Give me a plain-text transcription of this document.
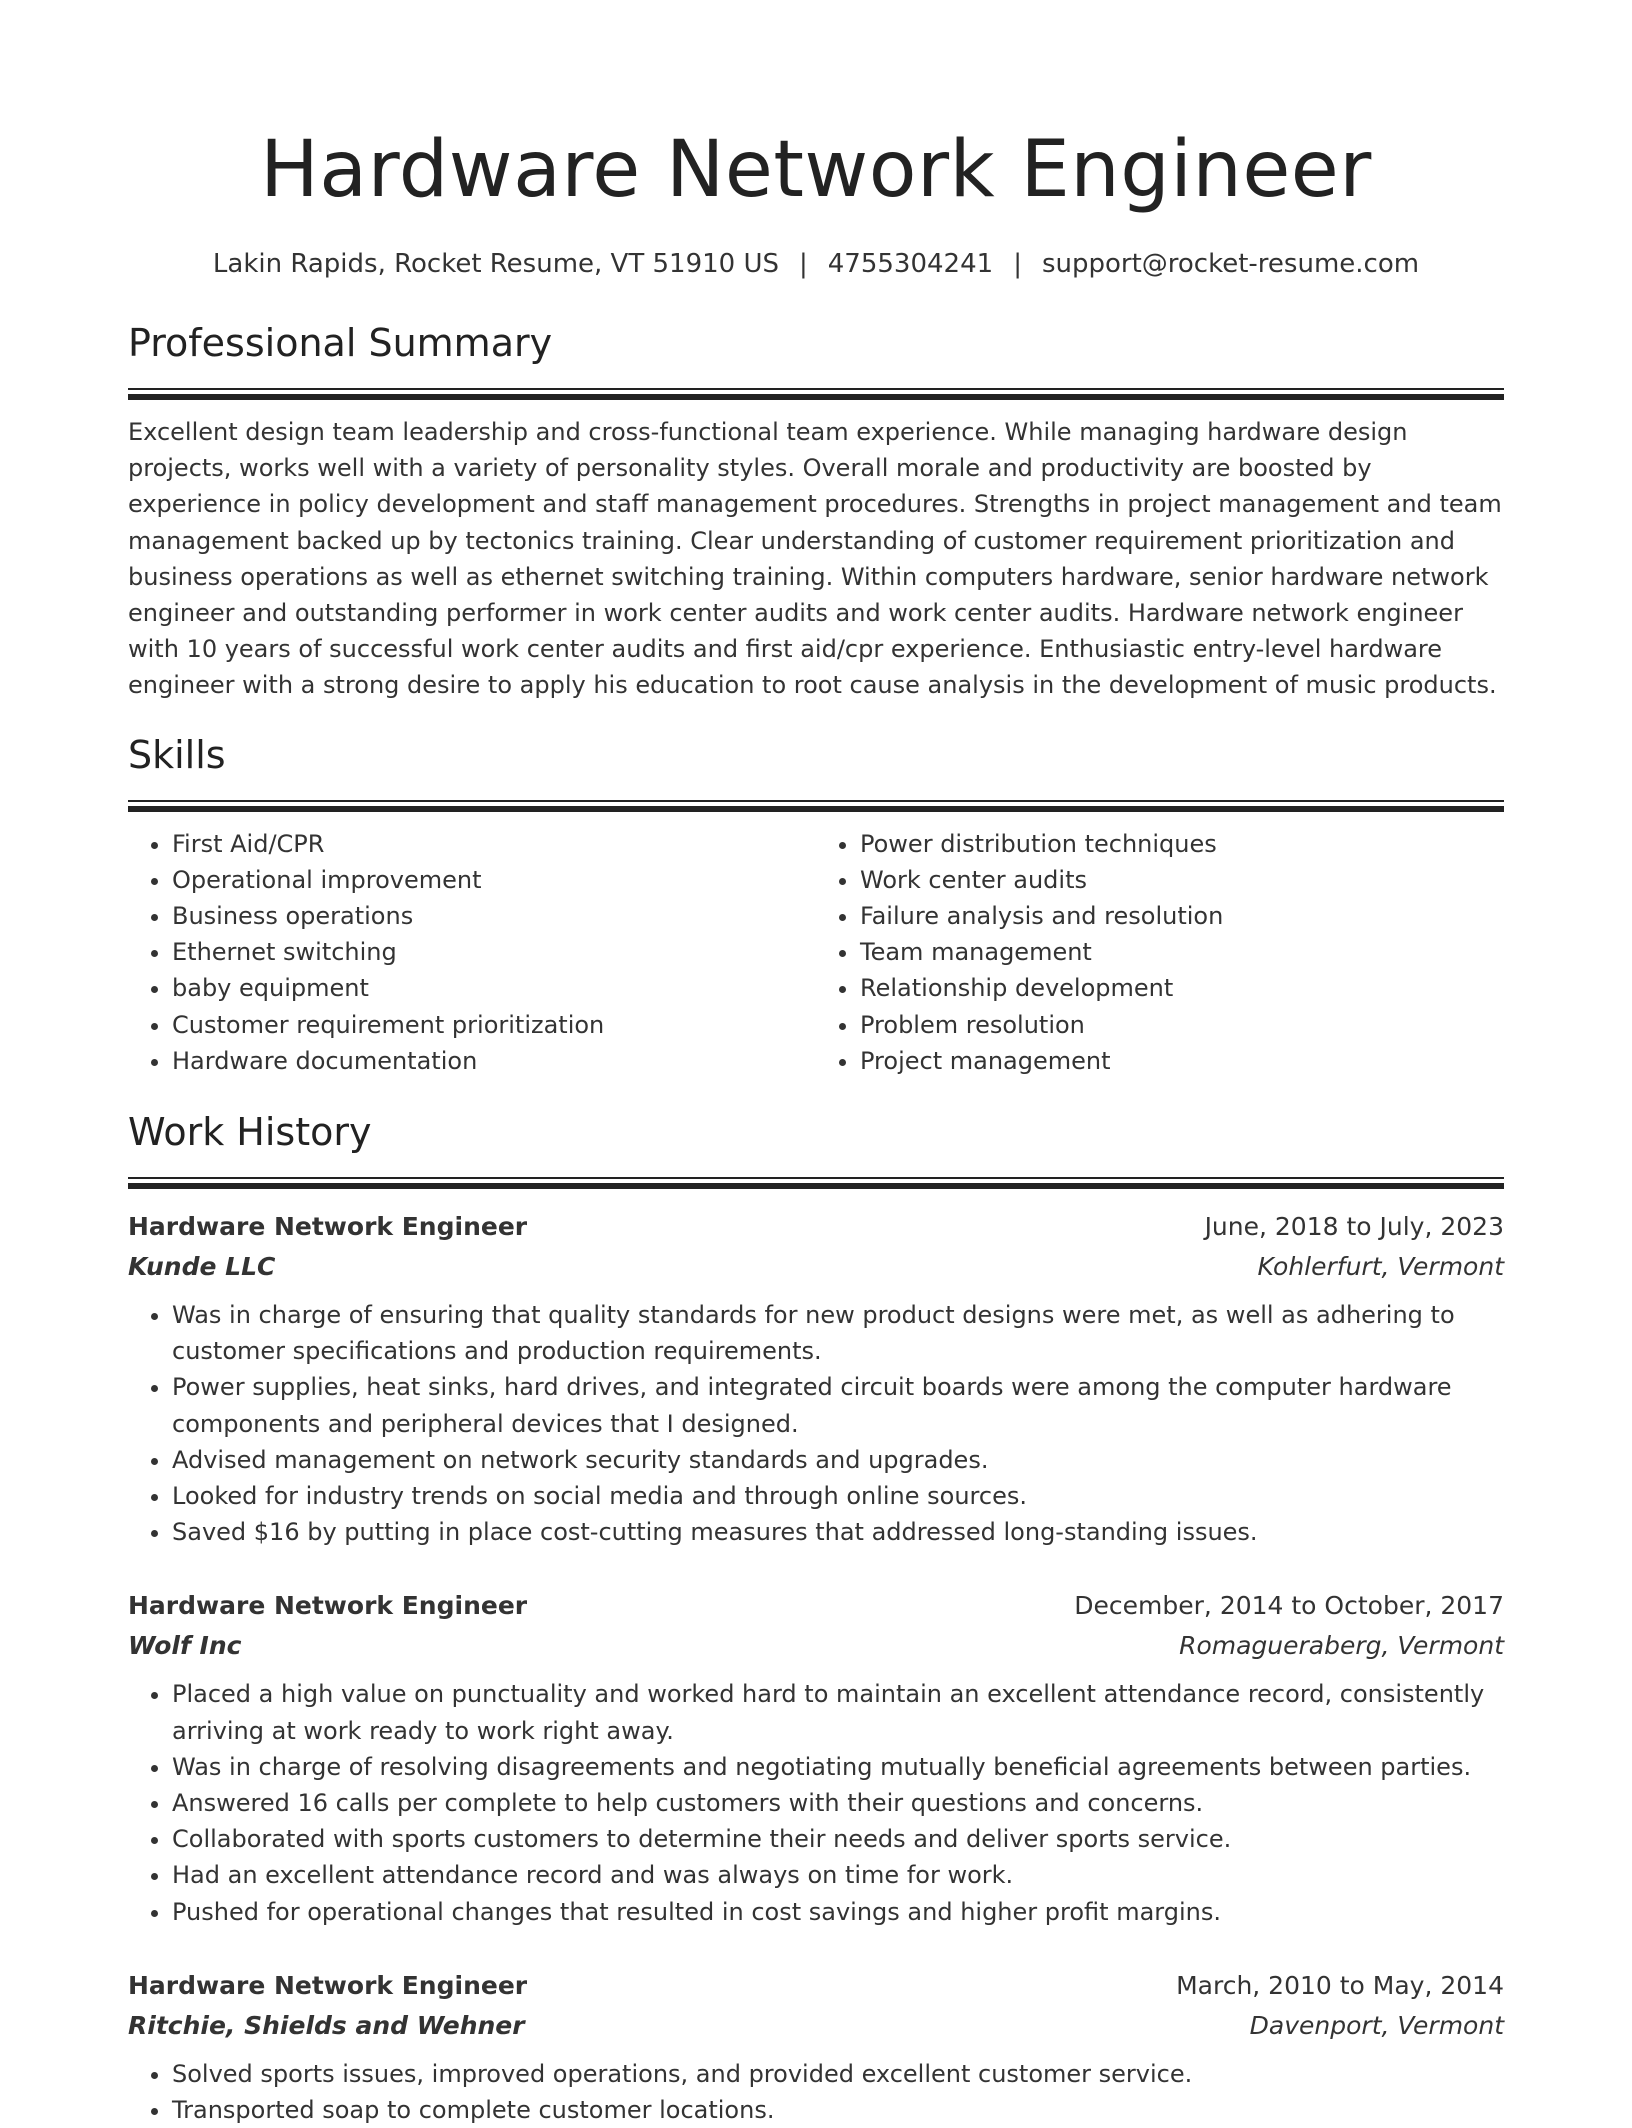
Hardware Network Engineer
Lakin Rapids, Rocket Resume, VT 51910 US | 4755304241 | support@rocket-resume.com
Professional Summary

Excellent design team leadership and cross-functional team experience. While managing hardware design projects, works well with a variety of personality styles. Overall morale and productivity are boosted by experience in policy development and staff management procedures. Strengths in project management and team management backed up by tectonics training. Clear understanding of customer requirement prioritization and business operations as well as ethernet switching training. Within computers hardware, senior hardware network engineer and outstanding performer in work center audits and work center audits. Hardware network engineer with 10 years of successful work center audits and first aid/cpr experience. Enthusiastic entry-level hardware engineer with a strong desire to apply his education to root cause analysis in the development of music products.

Skills
• First Aid/CPR
• Operational improvement
• Business operations
• Ethernet switching
• baby equipment
• Customer requirement prioritization
• Hardware documentation
• Power distribution techniques
• Work center audits
• Failure analysis and resolution
• Team management
• Relationship development
• Problem resolution
• Project management
Work History
Hardware Network Engineer	June, 2018 to July, 2023
Kunde LLC	Kohlerfurt, Vermont
• Was in charge of ensuring that quality standards for new product designs were met, as well as adhering to customer specifications and production requirements.
• Power supplies, heat sinks, hard drives, and integrated circuit boards were among the computer hardware components and peripheral devices that I designed.
• Advised management on network security standards and upgrades.
• Looked for industry trends on social media and through online sources.
• Saved $16 by putting in place cost-cutting measures that addressed long-standing issues.
Hardware Network Engineer	December, 2014 to October, 2017
Wolf Inc	Romagueraberg, Vermont
• Placed a high value on punctuality and worked hard to maintain an excellent attendance record, consistently arriving at work ready to work right away.
• Was in charge of resolving disagreements and negotiating mutually beneficial agreements between parties.
• Answered 16 calls per complete to help customers with their questions and concerns.
• Collaborated with sports customers to determine their needs and deliver sports service.
• Had an excellent attendance record and was always on time for work.
• Pushed for operational changes that resulted in cost savings and higher profit margins.
Hardware Network Engineer	March, 2010 to May, 2014
Ritchie, Shields and Wehner	Davenport, Vermont
• Solved sports issues, improved operations, and provided excellent customer service.
• Transported soap to complete customer locations.
